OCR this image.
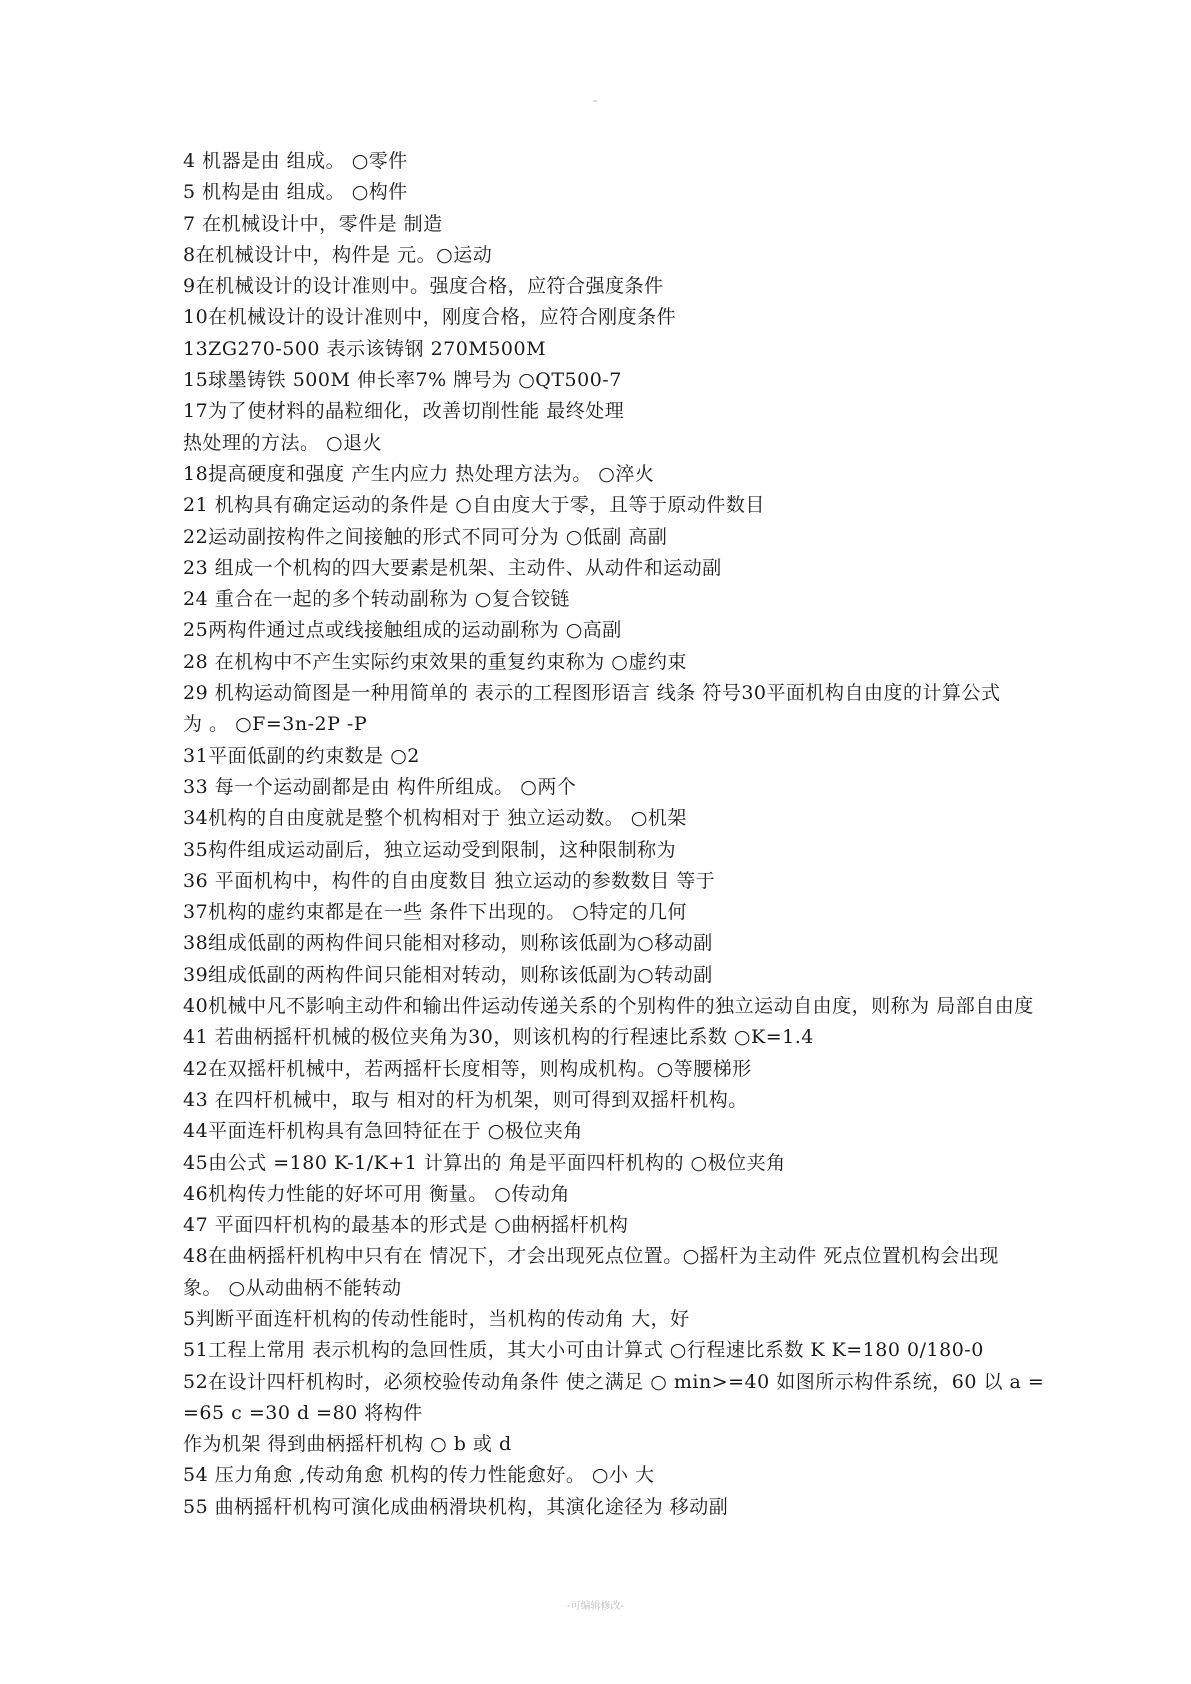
4 机器是由 组成。 ○零件
5 机构是由 组成。 ○构件
7 在机械设计中，零件是 制造
8在机械设计中，构件是 元。○运动
9在机械设计的设计准则中。强度合格，应符合强度条件
10在机械设计的设计准则中，刚度合格，应符合刚度条件
13ZG270-500 表示该铸钢 270M500M
15球墨铸铁 500M 伸长率7% 牌号为 ○QT500-7
17为了使材料的晶粒细化，改善切削性能 最终处理
热处理的方法。 ○退火
18提高硬度和强度 产生内应力 热处理方法为。 ○淬火
21 机构具有确定运动的条件是 ○自由度大于零，且等于原动件数目
22运动副按构件之间接触的形式不同可分为 ○低副 高副
23 组成一个机构的四大要素是机架、主动件、从动件和运动副
24 重合在一起的多个转动副称为 ○复合铰链
25两构件通过点或线接触组成的运动副称为 ○高副
28 在机构中不产生实际约束效果的重复约束称为 ○虚约束
29 机构运动简图是一种用简单的 表示的工程图形语言 线条 符号30平面机构自由度的计算公式
为 。 ○F=3n-2P -P
31平面低副的约束数是 ○2
33 每一个运动副都是由 构件所组成。 ○两个
34机构的自由度就是整个机构相对于 独立运动数。 ○机架
35构件组成运动副后，独立运动受到限制，这种限制称为
36 平面机构中，构件的自由度数目 独立运动的参数数目 等于
37机构的虚约束都是在一些 条件下出现的。 ○特定的几何
38组成低副的两构件间只能相对移动，则称该低副为○移动副
39组成低副的两构件间只能相对转动，则称该低副为○转动副
40机械中凡不影响主动件和输出件运动传递关系的个别构件的独立运动自由度，则称为 局部自由度
41 若曲柄摇杆机械的极位夹角为30，则该机构的行程速比系数 ○K=1.4
42在双摇杆机械中，若两摇杆长度相等，则构成机构。○等腰梯形
43 在四杆机械中，取与 相对的杆为机架，则可得到双摇杆机构。
44平面连杆机构具有急回特征在于 ○极位夹角
45由公式 =180 K-1/K+1 计算出的 角是平面四杆机构的 ○极位夹角
46机构传力性能的好坏可用 衡量。 ○传动角
47 平面四杆机构的最基本的形式是 ○曲柄摇杆机构
48在曲柄摇杆机构中只有在 情况下，才会出现死点位置。○摇杆为主动件 死点位置机构会出现
象。 ○从动曲柄不能转动
5判断平面连杆机构的传动性能时，当机构的传动角 大，好
51工程上常用 表示机构的急回性质，其大小可由计算式 ○行程速比系数 K K=180 0/180-0
52在设计四杆机构时，必须校验传动角条件 使之满足 ○ min>=40 如图所示构件系统，60 以 a =
=65 c =30 d =80 将构件
作为机架 得到曲柄摇杆机构 ○ b 或 d
54 压力角愈 ,传动角愈 机构的传力性能愈好。 ○小 大
55 曲柄摇杆机构可演化成曲柄滑块机构，其演化途径为 移动副
-可编辑修改-
